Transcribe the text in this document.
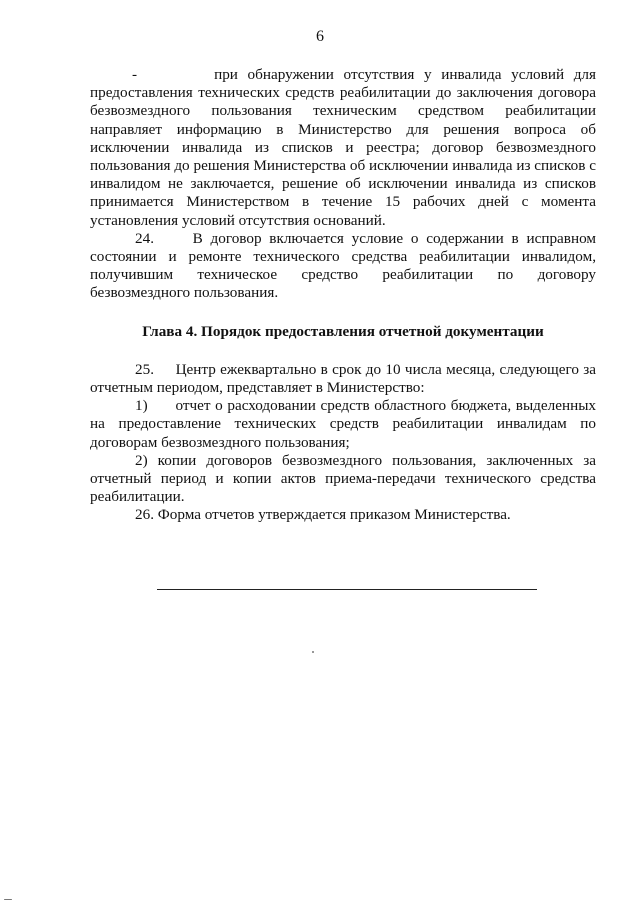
6

-        при обнаружении отсутствия у инвалида условий для предоставления технических средств реабилитации до заключения договора безвозмездного пользования техническим средством реабилитации направляет информацию в Министерство для решения вопроса об исключении инвалида из списков и реестра; договор безвозмездного пользования до решения Министерства об исключении инвалида из списков с инвалидом не заключается, решение об исключении инвалида из списков принимается Министерством в течение 15 рабочих дней с момента установления условий отсутствия оснований.

24.     В договор включается условие о содержании в исправном состоянии и ремонте технического средства реабилитации инвалидом, получившим техническое средство реабилитации по договору безвозмездного пользования.

Глава 4. Порядок предоставления отчетной документации

25.     Центр ежеквартально в срок до 10 числа месяца, следующего за отчетным периодом, представляет в Министерство:

1)      отчет о расходовании средств областного бюджета, выделенных на предоставление технических средств реабилитации инвалидам по договорам безвозмездного пользования;

2) копии договоров безвозмездного пользования, заключенных за отчетный период и копии актов приема-передачи технического средства реабилитации.

26. Форма отчетов утверждается приказом Министерства.
